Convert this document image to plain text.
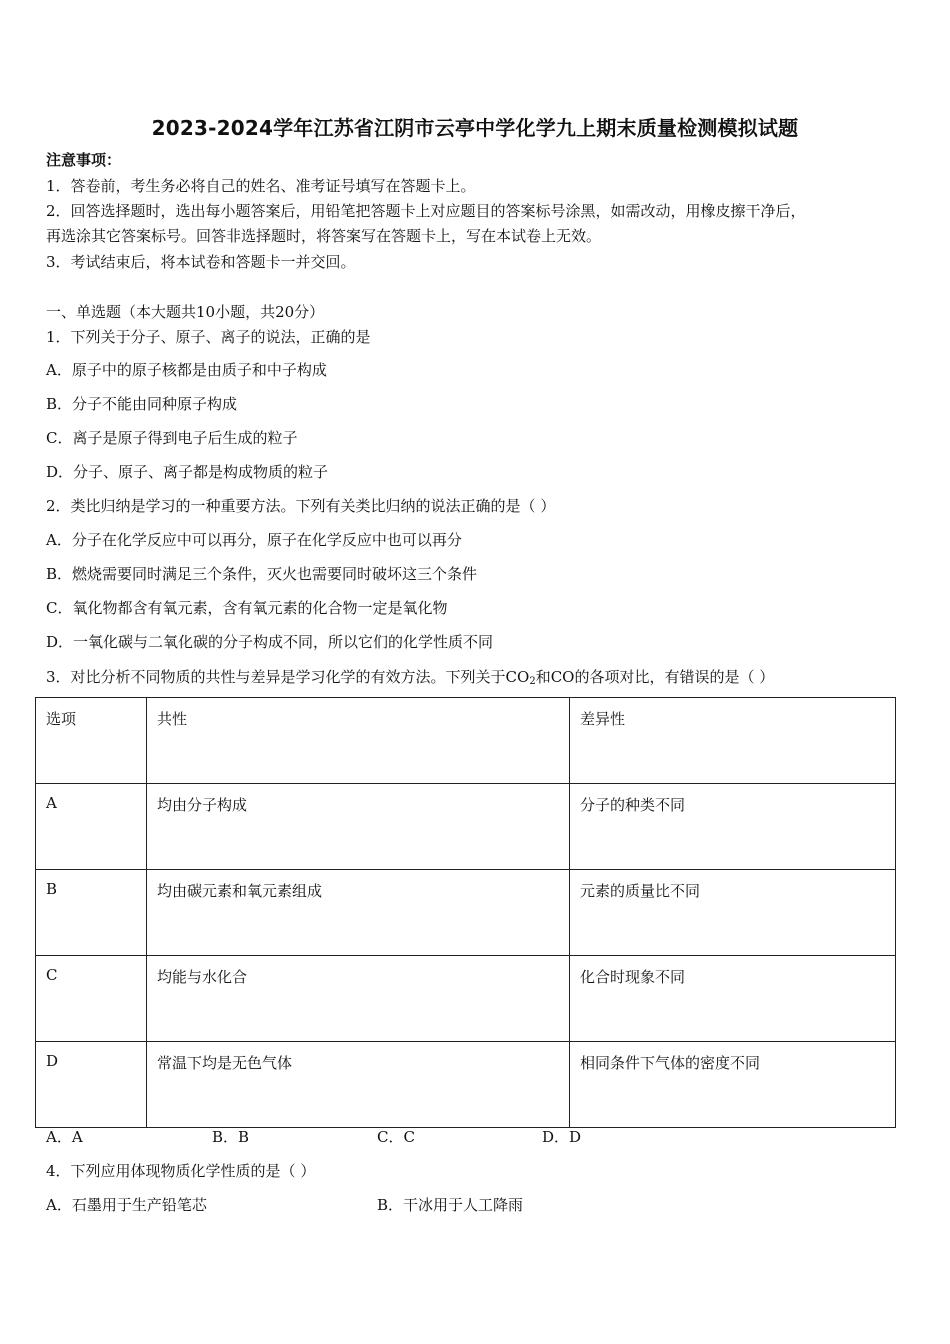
2023-2024学年江苏省江阴市云亭中学化学九上期末质量检测模拟试题
注意事项：
1．答卷前，考生务必将自己的姓名、准考证号填写在答题卡上。
2．回答选择题时，选出每小题答案后，用铅笔把答题卡上对应题目的答案标号涂黑，如需改动，用橡皮擦干净后，
再选涂其它答案标号。回答非选择题时，将答案写在答题卡上，写在本试卷上无效。
3．考试结束后，将本试卷和答题卡一并交回。
一、单选题（本大题共10小题，共20分）
1．下列关于分子、原子、离子的说法，正确的是
A．原子中的原子核都是由质子和中子构成
B．分子不能由同种原子构成
C．离子是原子得到电子后生成的粒子
D．分子、原子、离子都是构成物质的粒子
2．类比归纳是学习的一种重要方法。下列有关类比归纳的说法正确的是（ ）
A．分子在化学反应中可以再分，原子在化学反应中也可以再分
B．燃烧需要同时满足三个条件，灭火也需要同时破坏这三个条件
C．氧化物都含有氧元素，含有氧元素的化合物一定是氧化物
D．一氧化碳与二氧化碳的分子构成不同，所以它们的化学性质不同
3．对比分析不同物质的共性与差异是学习化学的有效方法。下列关于$CO_2$和CO的各项对比，有错误的是（ ）
选项	共性	差异性
A	均由分子构成	分子的种类不同
B	均由碳元素和氧元素组成	元素的质量比不同
C	均能与水化合	化合时现象不同
D	常温下均是无色气体	相同条件下气体的密度不同
A．A	B．B	C．C	D．D
4．下列应用体现物质化学性质的是（ ）
A．石墨用于生产铅笔芯	B．干冰用于人工降雨
